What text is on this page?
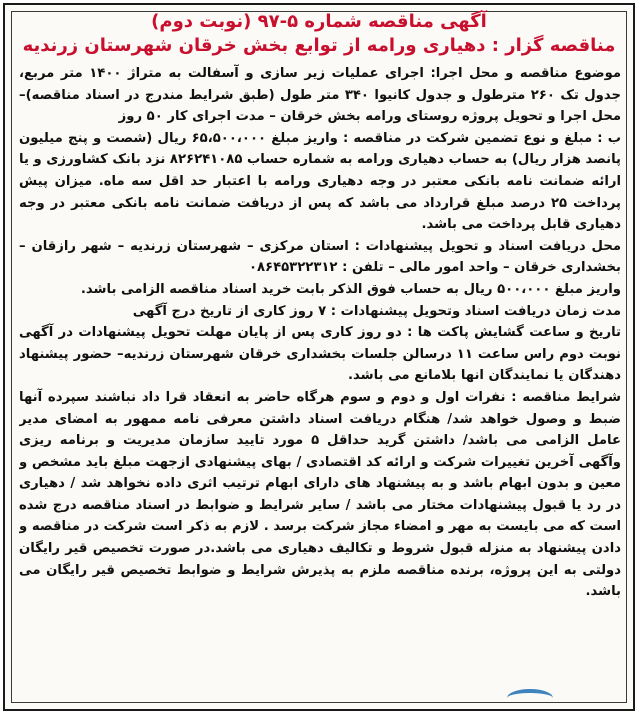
آگهی مناقصه شماره ۵-۹۷ (نوبت دوم)
مناقصه گزار : دهیاری ورامه از توابع بخش خرقان شهرستان زرندیه

موضوع مناقصه و محل اجرا: اجرای عملیات زیر سازی و آسفالت به متراژ ۱۴۰۰ متر مربع، جدول تک ۲۶۰ مترطول و جدول کانیوا ۳۴۰ متر طول (طبق شرایط مندرج در اسناد مناقصه)– محل اجرا و تحویل پروژه روستای ورامه بخش خرقان – مدت اجرای کار ۵۰ روز

ب : مبلغ و نوع تضمین شرکت در مناقصه : واریز مبلغ ۶۵،۵۰۰،۰۰۰ ریال (شصت و پنج میلیون پانصد هزار ریال) به حساب دهیاری ورامه به شماره حساب ۸۲۶۲۴۱۰۸۵ نزد بانک کشاورزی و یا ارائه ضمانت نامه بانکی معتبر در وجه دهیاری ورامه با اعتبار حد اقل سه ماه. میزان پیش پرداخت ۲۵ درصد مبلغ قرارداد می باشد که پس از دریافت ضمانت نامه بانکی معتبر در وجه دهیاری قابل پرداخت می باشد.

محل دریافت اسناد و تحویل پیشنهادات : استان مرکزی – شهرستان زرندیه – شهر رازقان – بخشداری خرقان – واحد امور مالی – تلفن : ۰۸۶۴۵۳۲۲۳۱۲

واریز مبلغ ۵۰۰،۰۰۰ ریال به حساب فوق الذکر بابت خرید اسناد مناقصه الزامی باشد.

مدت زمان دریافت اسناد وتحویل پیشنهادات : ۷ روز کاری از تاریخ درج آگهی

تاریخ و ساعت گشایش پاکت ها : دو روز کاری پس از پایان مهلت تحویل پیشنهادات در آگهی نوبت دوم راس ساعت ۱۱ درسالن جلسات بخشداری خرقان شهرستان زرندیه– حضور پیشنهاد دهندگان یا نمایندگان انها بلامانع می باشد.

شرایط مناقصه : نفرات اول و دوم و سوم هرگاه حاضر به انعقاد قرا داد نباشند سپرده آنها ضبط و وصول خواهد شد/ هنگام دریافت اسناد داشتن معرفی نامه ممهور به امضای مدیر عامل الزامی می باشد/ داشتن گرید حداقل ۵ مورد تایید سازمان مدیریت و برنامه ریزی وآگهی آخرین تغییرات شرکت و ارائه کد اقتصادی / بهای پیشنهادی ازجهت مبلغ باید مشخص و معین و بدون ابهام باشد و به پیشنهاد های دارای ابهام ترتیب اثری داده نخواهد شد / دهیاری در رد یا قبول پیشنهادات مختار می باشد / سایر شرایط و ضوابط در اسناد مناقصه درج شده است که می بایست به مهر و امضاء مجاز شرکت برسد . لازم به ذکر است شرکت در مناقصه و دادن پیشنهاد به منزله قبول شروط و تکالیف دهیاری می باشد.در صورت تخصیص قیر رایگان دولتی به این پروژه، برنده مناقصه ملزم به پذیرش شرایط و ضوابط تخصیص قیر رایگان می باشد.
